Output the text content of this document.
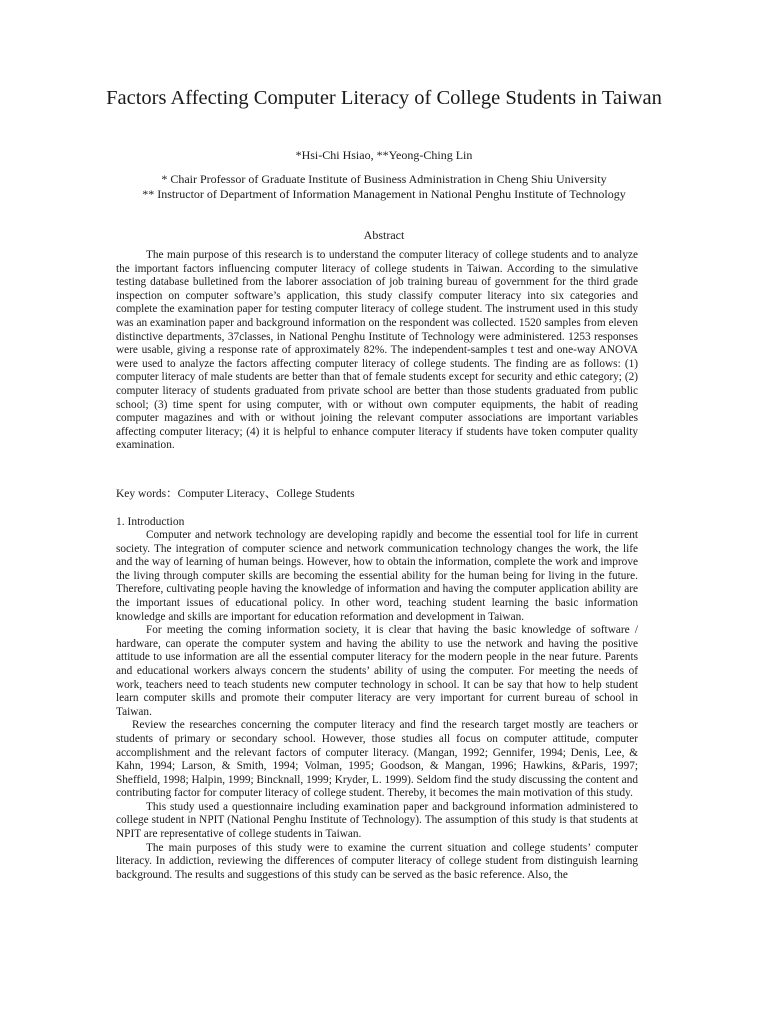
Factors Affecting Computer Literacy of College Students in Taiwan
*Hsi-Chi Hsiao, **Yeong-Ching Lin
* Chair Professor of Graduate Institute of Business Administration in Cheng Shiu University
** Instructor of Department of Information Management in National Penghu Institute of Technology
Abstract

The main purpose of this research is to understand the computer literacy of college students and to analyze the important factors influencing computer literacy of college students in Taiwan. According to the simulative testing database bulletined from the laborer association of job training bureau of government for the third grade inspection on computer software’s application, this study classify computer literacy into six categories and complete the examination paper for testing computer literacy of college student. The instrument used in this study was an examination paper and background information on the respondent was collected. 1520 samples from eleven distinctive departments, 37classes, in National Penghu Institute of Technology were administered. 1253 responses were usable, giving a response rate of approximately 82%. The independent-samples t test and one-way ANOVA were used to analyze the factors affecting computer literacy of college students. The finding are as follows: (1) computer literacy of male students are better than that of female students except for security and ethic category; (2) computer literacy of students graduated from private school are better than those students graduated from public school; (3) time spent for using computer, with or without own computer equipments, the habit of reading computer magazines and with or without joining the relevant computer associations are important variables affecting computer literacy; (4) it is helpful to enhance computer literacy if students have token computer quality examination.

Key words：Computer Literacy、College Students
1. Introduction

Computer and network technology are developing rapidly and become the essential tool for life in current society. The integration of computer science and network communication technology changes the work, the life and the way of learning of human beings. However, how to obtain the information, complete the work and improve the living through computer skills are becoming the essential ability for the human being for living in the future. Therefore, cultivating people having the knowledge of information and having the computer application ability are the important issues of educational policy. In other word, teaching student learning the basic information knowledge and skills are important for education reformation and development in Taiwan.

For meeting the coming information society, it is clear that having the basic knowledge of software / hardware, can operate the computer system and having the ability to use the network and having the positive attitude to use information are all the essential computer literacy for the modern people in the near future. Parents and educational workers always concern the students’ ability of using the computer. For meeting the needs of work, teachers need to teach students new computer technology in school. It can be say that how to help student learn computer skills and promote their computer literacy are very important for current bureau of school in Taiwan.

Review the researches concerning the computer literacy and find the research target mostly are teachers or students of primary or secondary school. However, those studies all focus on computer attitude, computer accomplishment and the relevant factors of computer literacy. (Mangan, 1992; Gennifer, 1994; Denis, Lee, & Kahn, 1994; Larson, & Smith, 1994; Volman, 1995; Goodson, & Mangan, 1996; Hawkins, &Paris, 1997; Sheffield, 1998; Halpin, 1999; Bincknall, 1999; Kryder, L. 1999). Seldom find the study discussing the content and contributing factor for computer literacy of college student. Thereby, it becomes the main motivation of this study.

This study used a questionnaire including examination paper and background information administered to college student in NPIT (National Penghu Institute of Technology). The assumption of this study is that students at NPIT are representative of college students in Taiwan.

The main purposes of this study were to examine the current situation and college students’ computer literacy. In addiction, reviewing the differences of computer literacy of college student from distinguish learning background. The results and suggestions of this study can be served as the basic reference. Also, the
